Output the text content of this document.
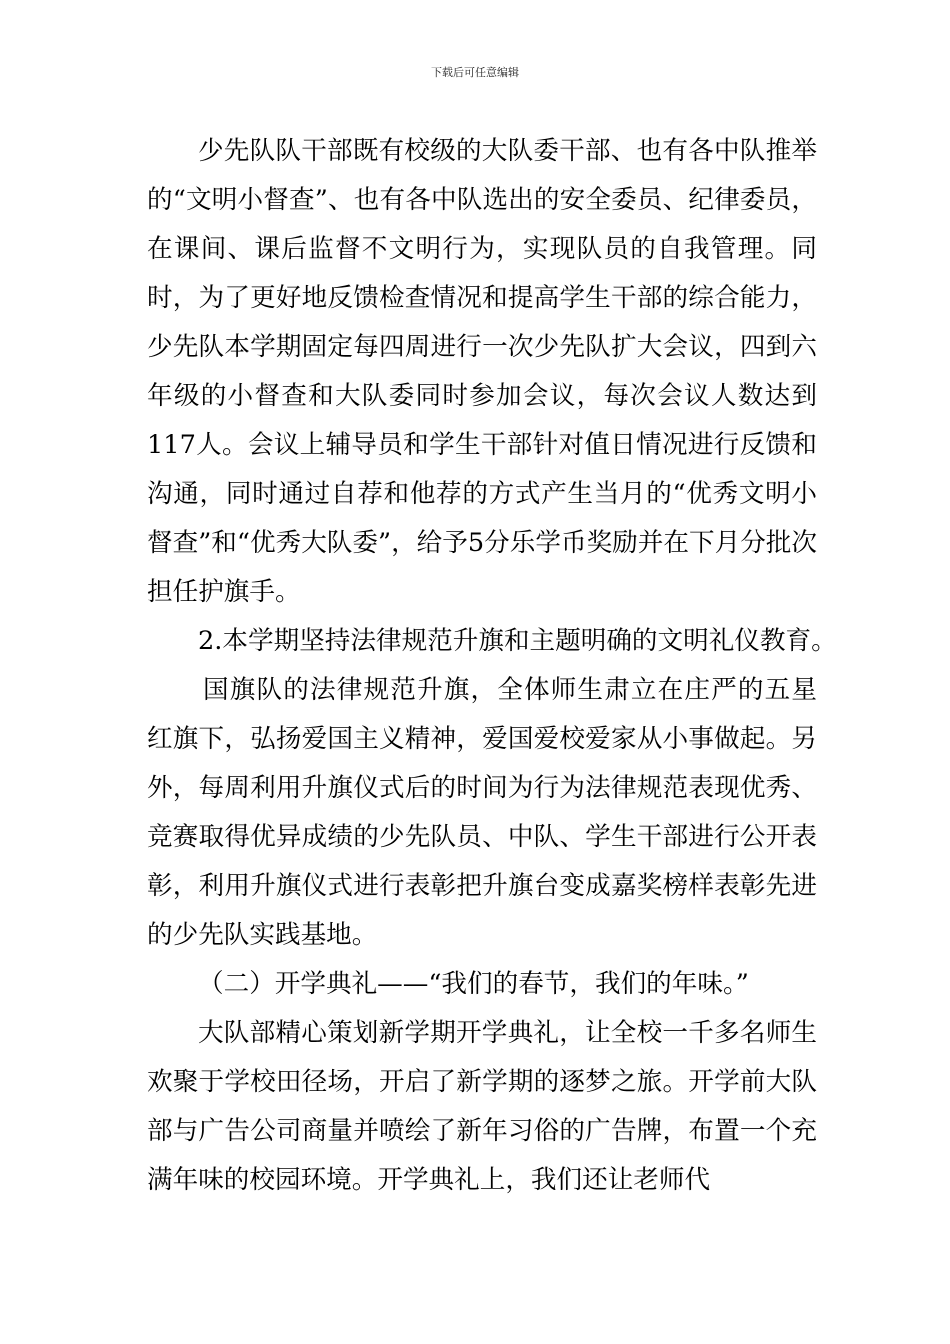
下载后可任意编辑

少先队队干部既有校级的大队委干部、也有各中队推举的“文明小督查”、也有各中队选出的安全委员、纪律委员，在课间、课后监督不文明行为，实现队员的自我管理。同时，为了更好地反馈检查情况和提高学生干部的综合能力，少先队本学期固定每四周进行一次少先队扩大会议，四到六年级的小督查和大队委同时参加会议，每次会议人数达到117人。会议上辅导员和学生干部针对值日情况进行反馈和沟通，同时通过自荐和他荐的方式产生当月的“优秀文明小督查”和“优秀大队委”，给予5分乐学币奖励并在下月分批次担任护旗手。

2.本学期坚持法律规范升旗和主题明确的文明礼仪教育。

国旗队的法律规范升旗，全体师生肃立在庄严的五星红旗下，弘扬爱国主义精神，爱国爱校爱家从小事做起。另外，每周利用升旗仪式后的时间为行为法律规范表现优秀、竞赛取得优异成绩的少先队员、中队、学生干部进行公开表彰，利用升旗仪式进行表彰把升旗台变成嘉奖榜样表彰先进的少先队实践基地。

（二）开学典礼——“我们的春节，我们的年味。”

大队部精心策划新学期开学典礼，让全校一千多名师生欢聚于学校田径场，开启了新学期的逐梦之旅。开学前大队部与广告公司商量并喷绘了新年习俗的广告牌，布置一个充满年味的校园环境。开学典礼上，我们还让老师代
